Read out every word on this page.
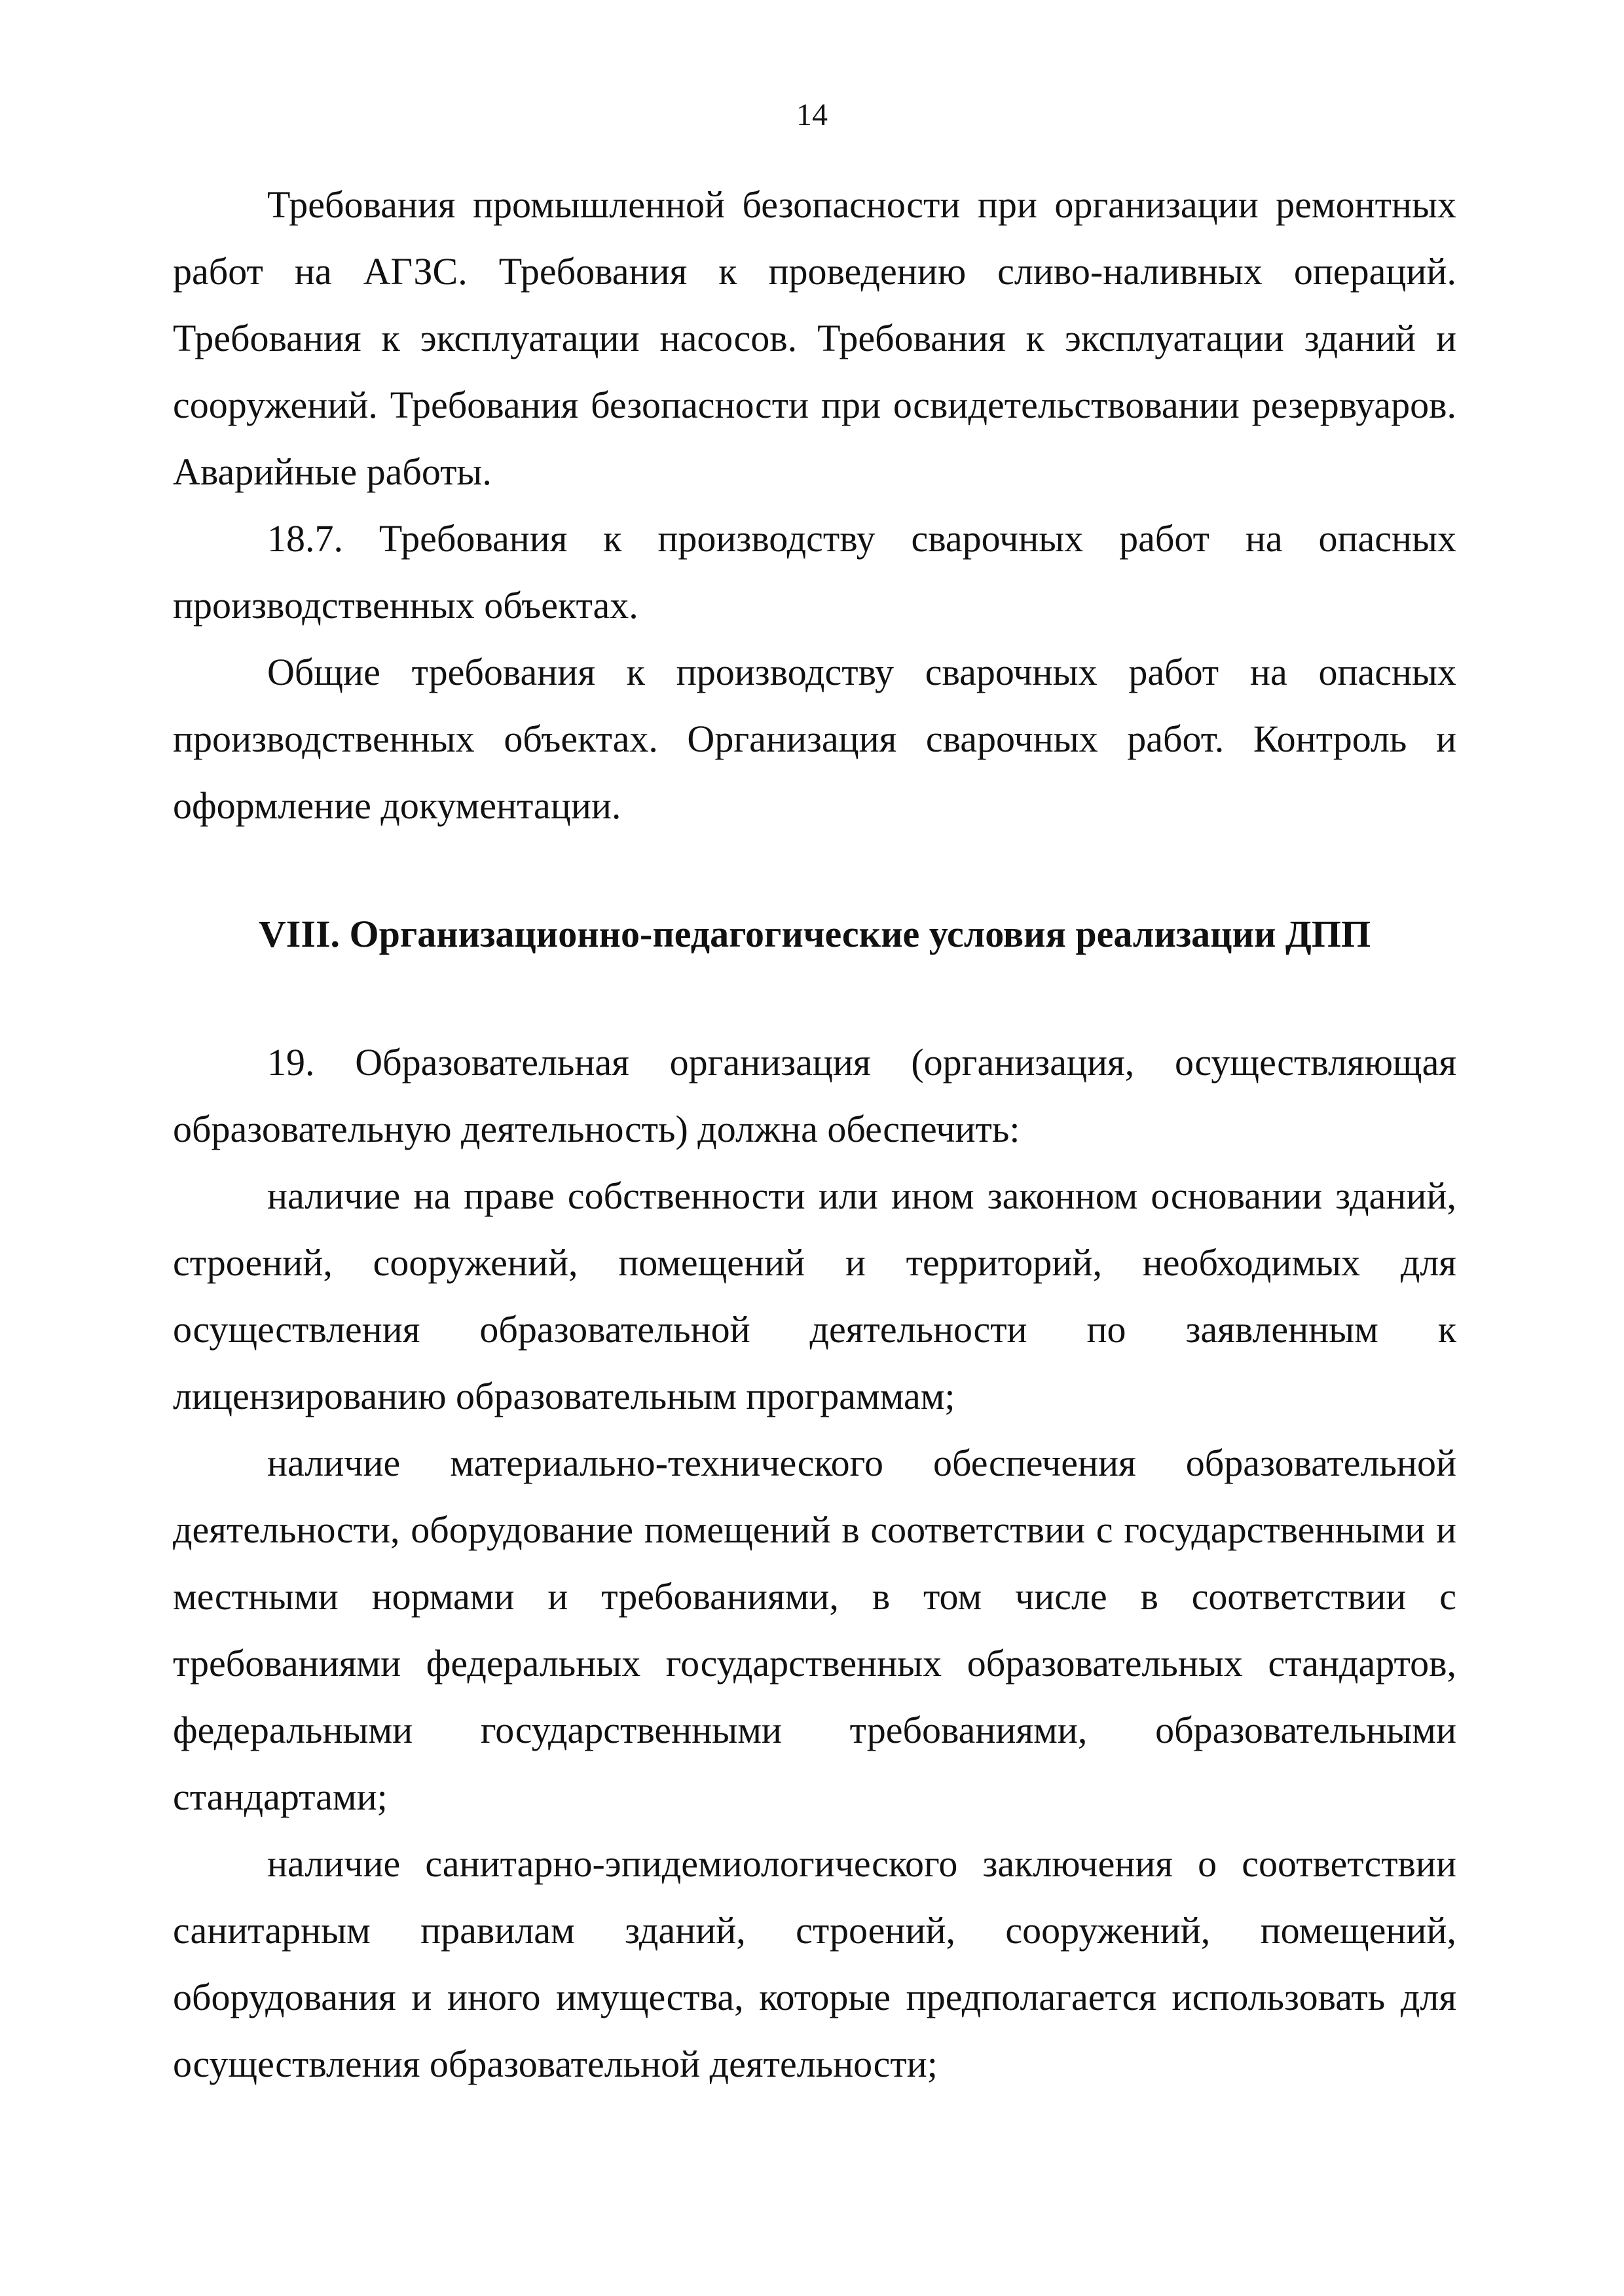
14

Требования промышленной безопасности при организации ремонтных работ на АГЗС. Требования к проведению сливо-наливных операций. Требования к эксплуатации насосов. Требования к эксплуатации зданий и сооружений. Требования безопасности при освидетельствовании резервуаров. Аварийные работы.

18.7. Требования к производству сварочных работ на опасных производственных объектах.

Общие требования к производству сварочных работ на опасных производственных объектах. Организация сварочных работ. Контроль и оформление документации.

VIII. Организационно-педагогические условия реализации ДПП

19. Образовательная организация (организация, осуществляющая образовательную деятельность) должна обеспечить:

наличие на праве собственности или ином законном основании зданий, строений, сооружений, помещений и территорий, необходимых для осуществления образовательной деятельности по заявленным к лицензированию образовательным программам;

наличие материально-технического обеспечения образовательной деятельности, оборудование помещений в соответствии с государственными и местными нормами и требованиями, в том числе в соответствии с требованиями федеральных государственных образовательных стандартов, федеральными государственными требованиями, образовательными стандартами;

наличие санитарно-эпидемиологического заключения о соответствии санитарным правилам зданий, строений, сооружений, помещений, оборудования и иного имущества, которые предполагается использовать для осуществления образовательной деятельности;
